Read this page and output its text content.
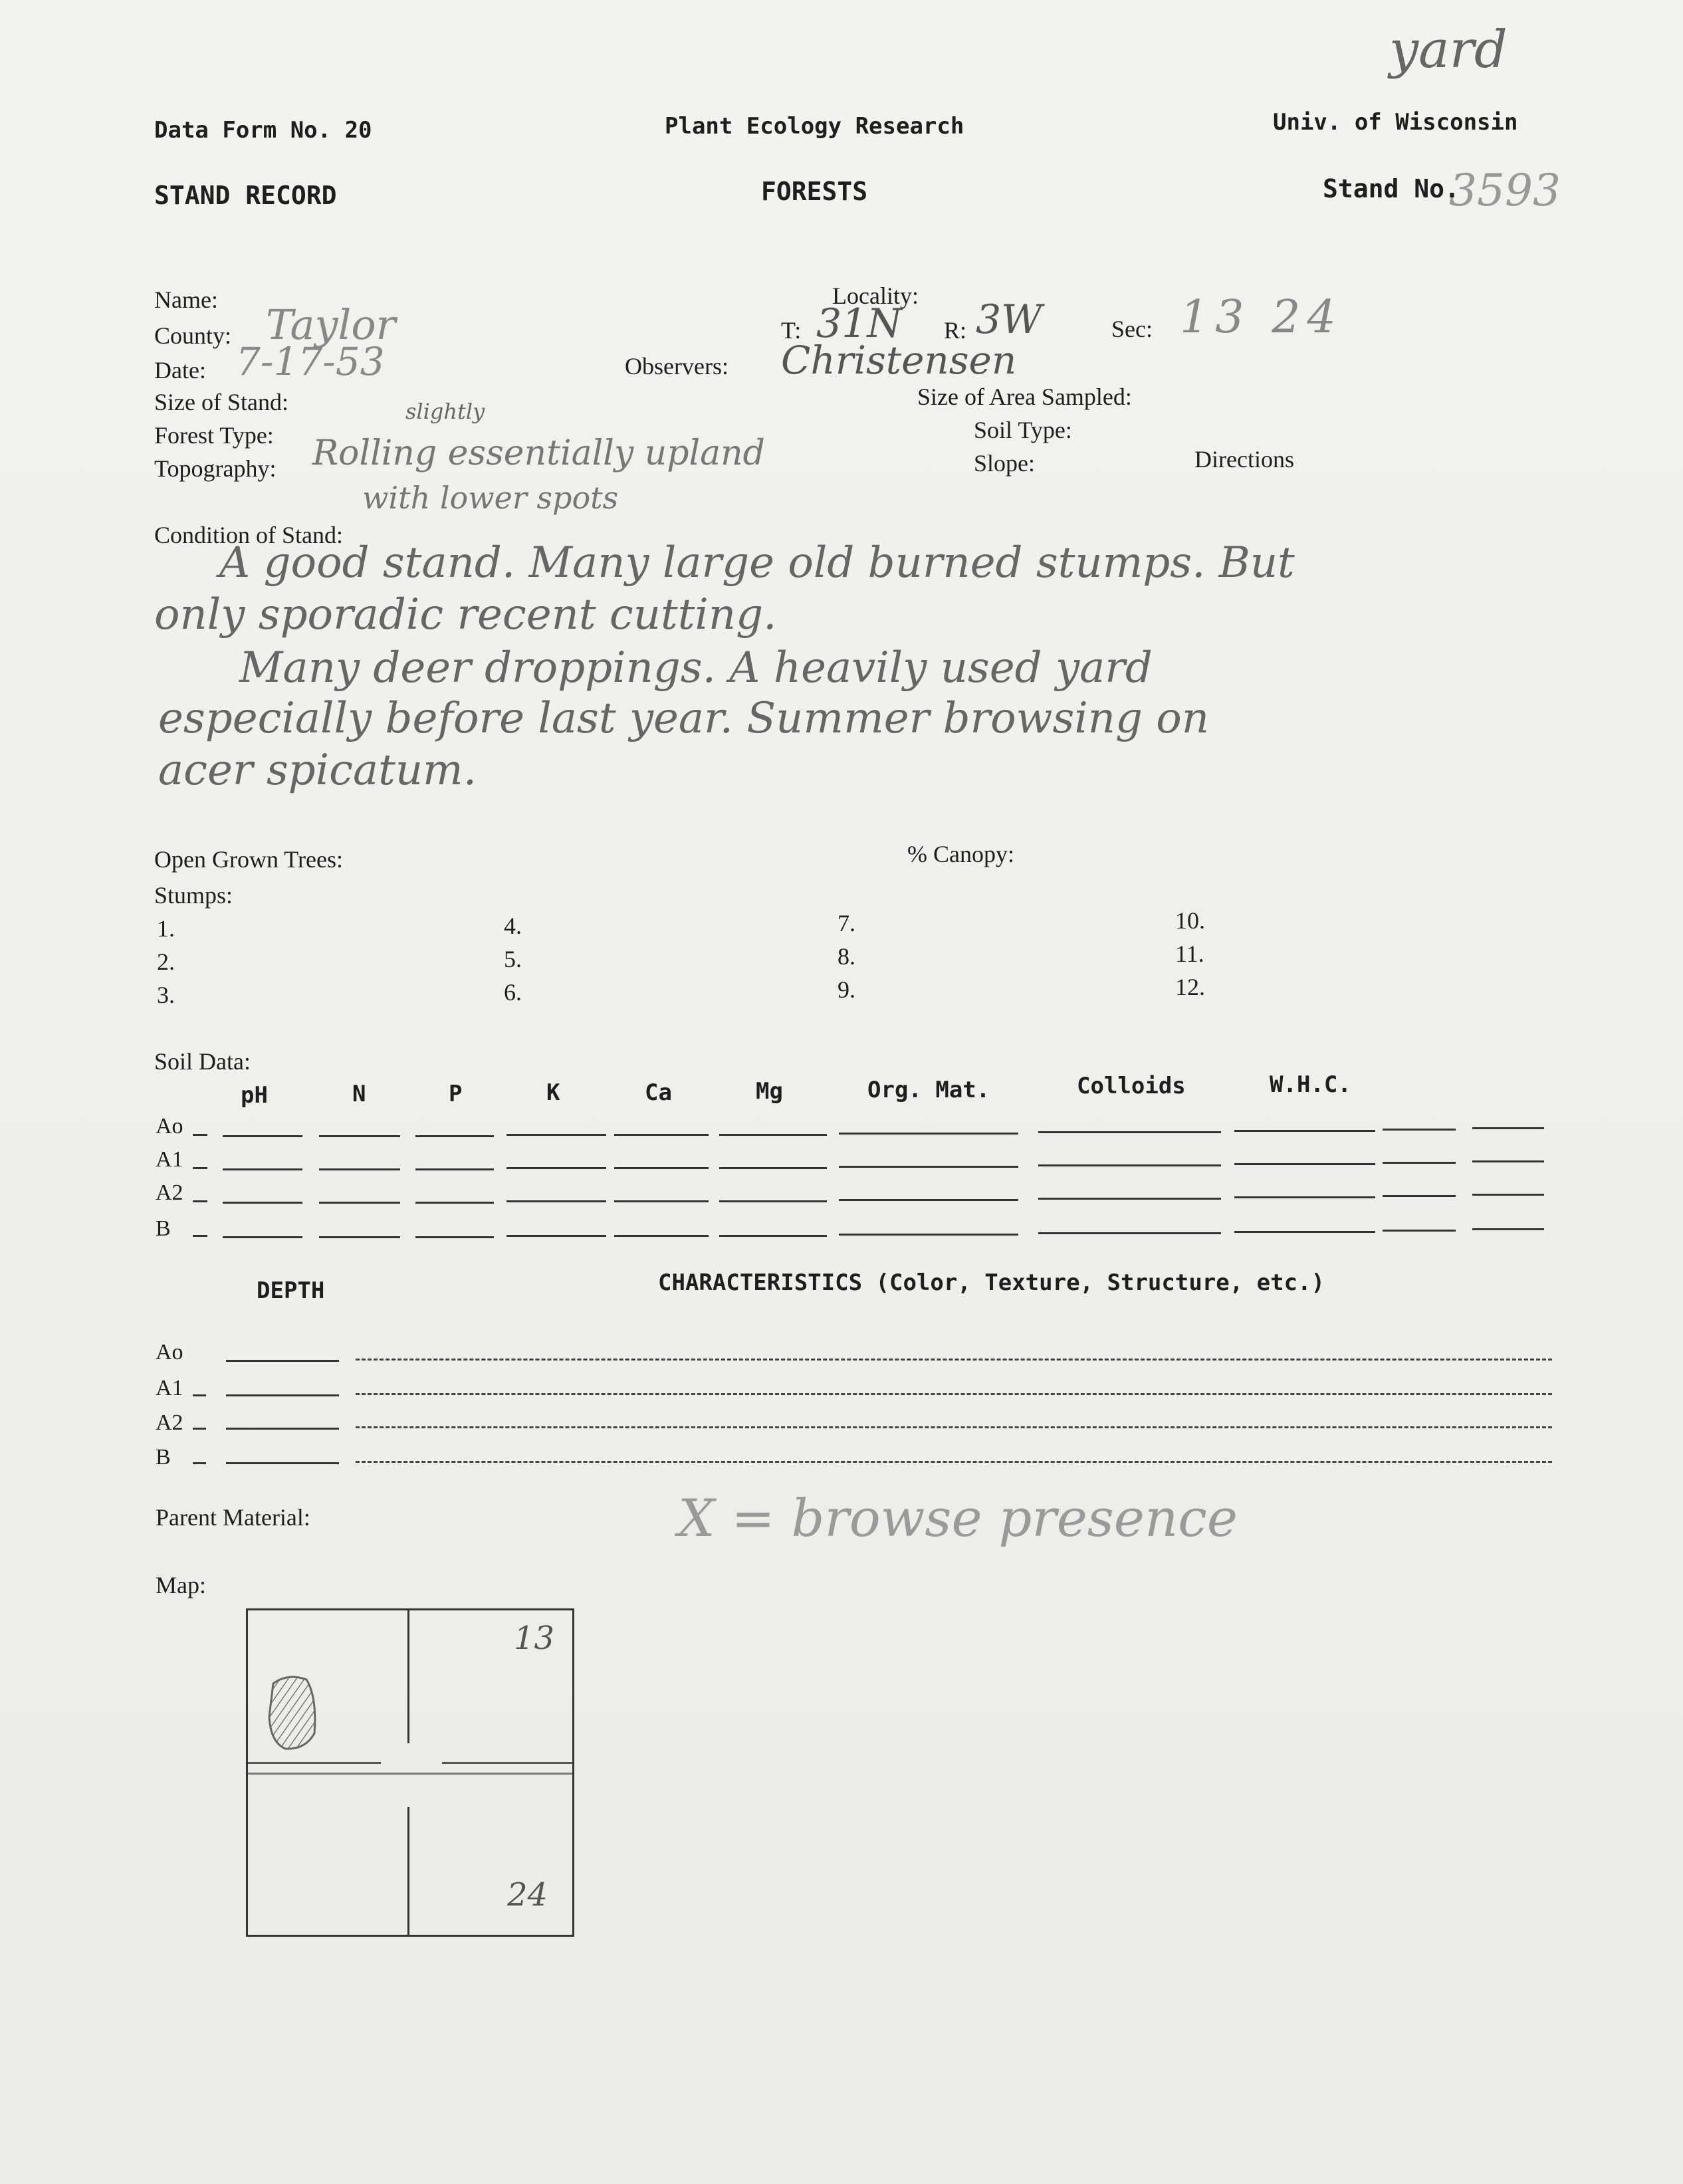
yard
Data Form No. 20	Plant Ecology Research	Univ. of Wisconsin
STAND RECORD	FORESTS	Stand No.
3593
Name:	Locality:
County: Taylor	T: 31N R: 3W	Sec: 13 24
Date: 7-17-53	Observers: Christensen
Size of Stand:	Size of Area Sampled:
Forest Type:	Soil Type:
slightly
Topography: Rolling essentially upland
with lower spots
Slope:	Directions
Condition of Stand:
A good stand. Many large old burned stumps. But
only sporadic recent cutting.
Many deer droppings. A heavily used yard
especially before last year. Summer browsing on
acer spicatum.
Open Grown Trees:	% Canopy:
Stumps:
1.
2.
3.
4.
5.
6.
7.
8.
9.
10.
11.
12.
Soil Data:
pH	N	P	K	Ca	Mg	Org. Mat.	Colloids	W.H.C.
Ao
A1
A2
B
DEPTH	CHARACTERISTICS (Color, Texture, Structure, etc.)
Ao
A1
A2
B
Parent Material:	X = browse presence
Map:
13
24
